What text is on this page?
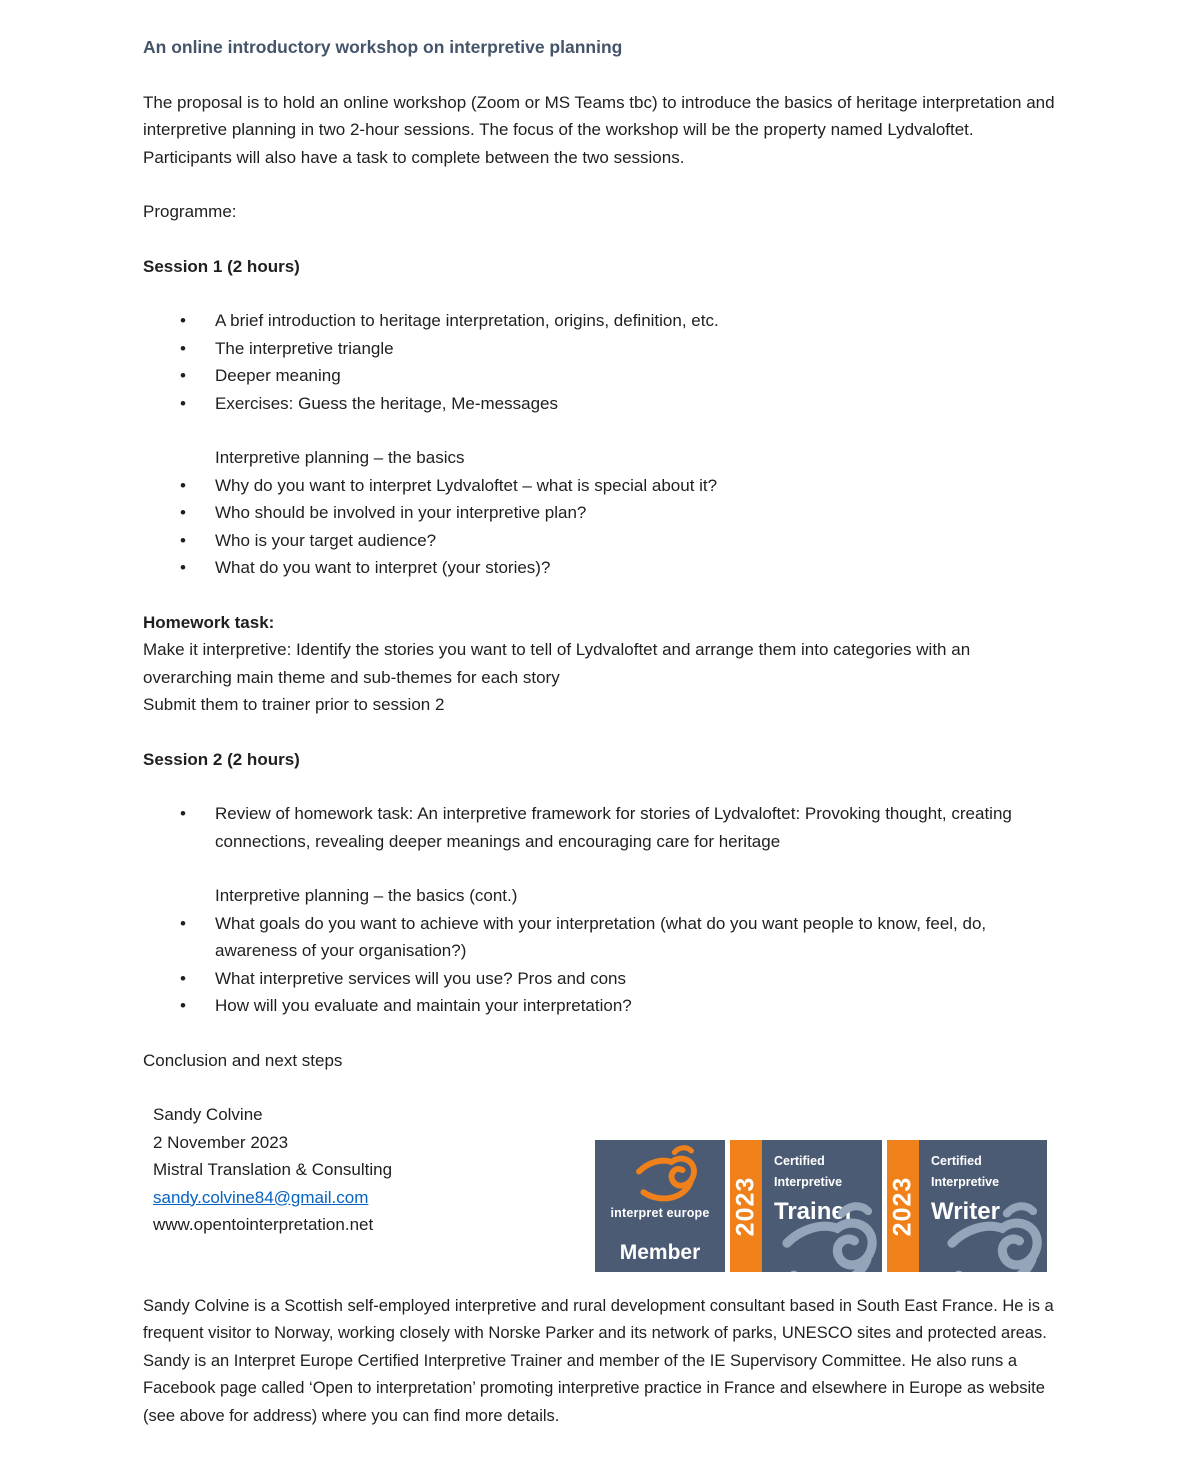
An online introductory workshop on interpretive planning

The proposal is to hold an online workshop (Zoom or MS Teams tbc) to introduce the basics of heritage interpretation and interpretive planning in two 2-hour sessions. The focus of the workshop will be the property named Lydvaloftet. Participants will also have a task to complete between the two sessions.

Programme:
Session 1 (2 hours)
• A brief introduction to heritage interpretation, origins, definition, etc.
• The interpretive triangle
• Deeper meaning
• Exercises: Guess the heritage, Me-messages
Interpretive planning – the basics
• Why do you want to interpret Lydvaloftet – what is special about it?
• Who should be involved in your interpretive plan?
• Who is your target audience?
• What do you want to interpret (your stories)?
Homework task:
Make it interpretive: Identify the stories you want to tell of Lydvaloftet and arrange them into categories with an overarching main theme and sub-themes for each story
Submit them to trainer prior to session 2
Session 2 (2 hours)
• Review of homework task: An interpretive framework for stories of Lydvaloftet: Provoking thought, creating connections, revealing deeper meanings and encouraging care for heritage
Interpretive planning – the basics (cont.)
• What goals do you want to achieve with your interpretation (what do you want people to know, feel, do, awareness of your organisation?)
• What interpretive services will you use? Pros and cons
• How will you evaluate and maintain your interpretation?
Conclusion and next steps
Sandy Colvine
2 November 2023
Mistral Translation & Consulting
sandy.colvine84@gmail.com
www.opentointerpretation.net

Sandy Colvine is a Scottish self-employed interpretive and rural development consultant based in South East France. He is a frequent visitor to Norway, working closely with Norske Parker and its network of parks, UNESCO sites and protected areas. Sandy is an Interpret Europe Certified Interpretive Trainer and member of the IE Supervisory Committee. He also runs a Facebook page called ‘Open to interpretation’ promoting interpretive practice in France and elsewhere in Europe as website (see above for address) where you can find more details.

interpret europe
Member
2023
Certified
Interpretive
Trainer	2023
Certified
Interpretive
Writer
